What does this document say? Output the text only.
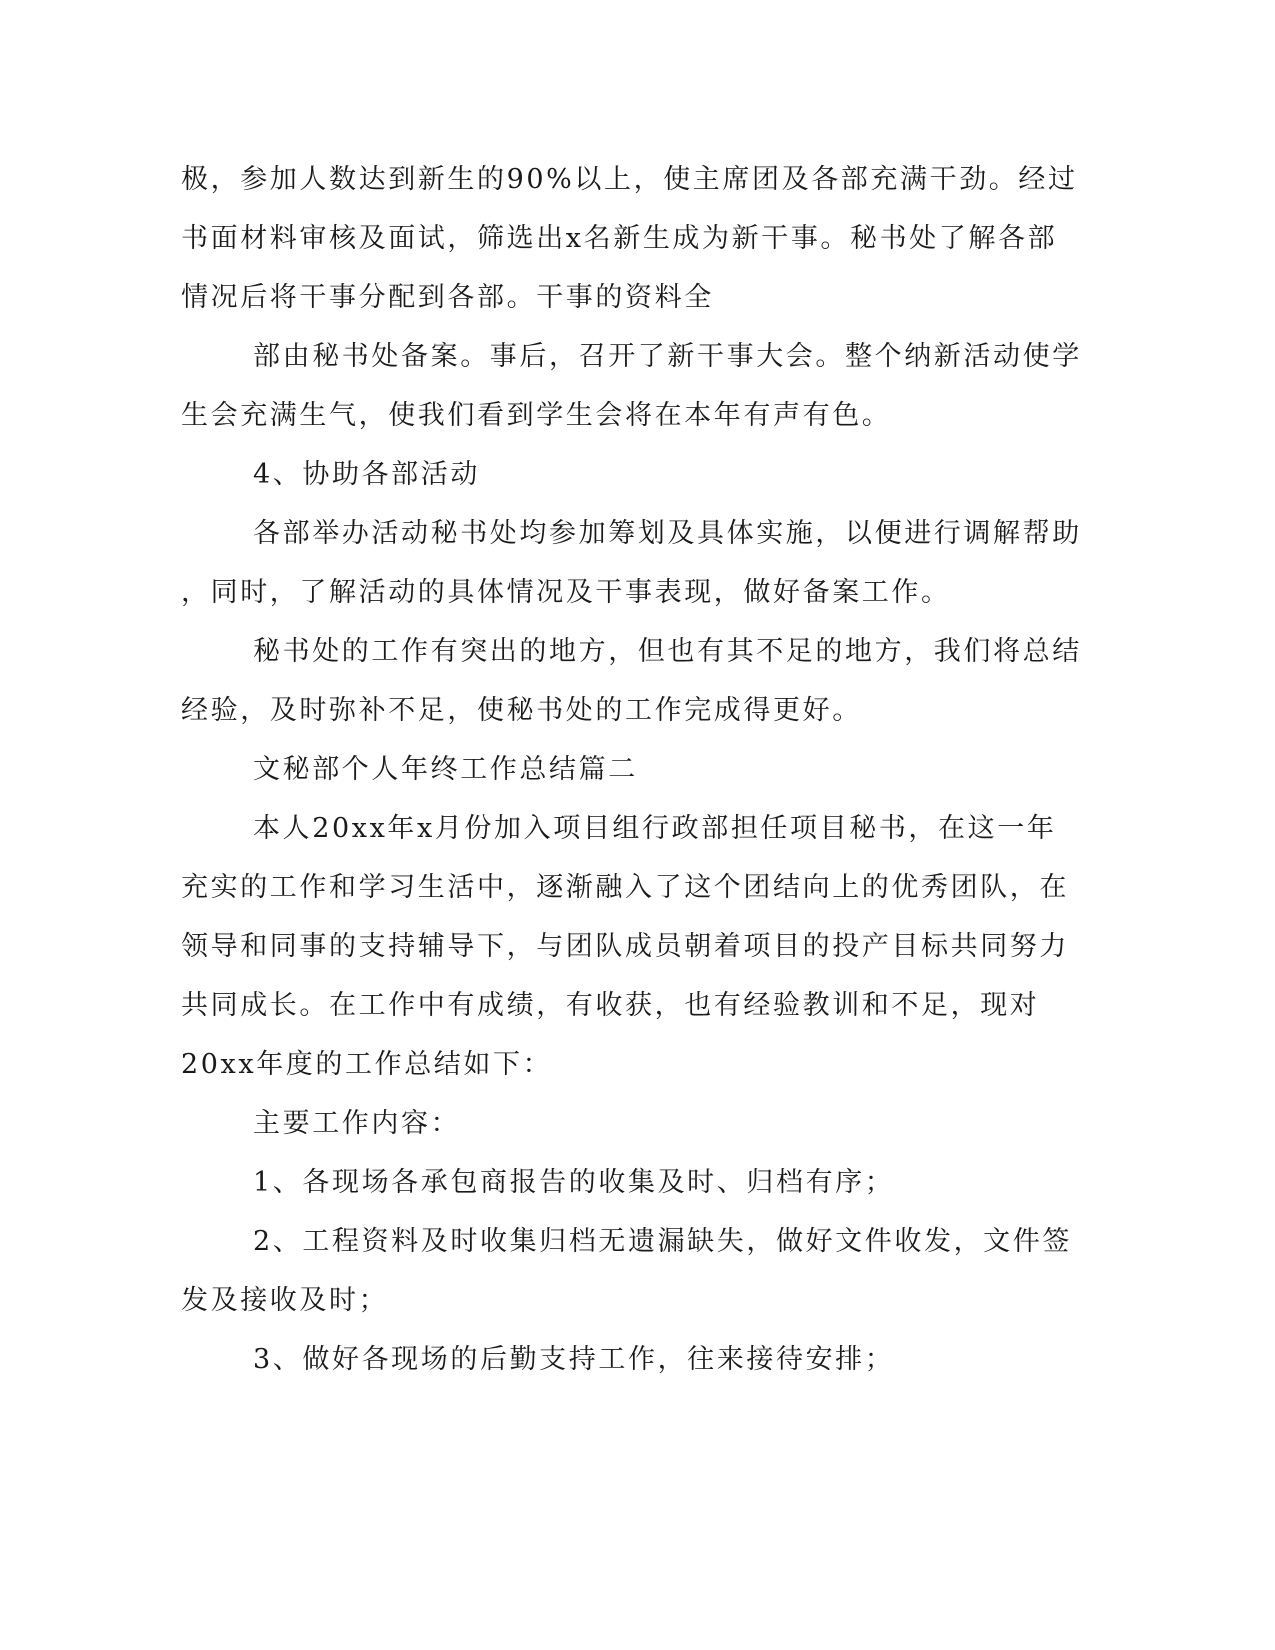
极，参加人数达到新生的90%以上，使主席团及各部充满干劲。经过
书面材料审核及面试，筛选出x名新生成为新干事。秘书处了解各部
情况后将干事分配到各部。干事的资料全
部由秘书处备案。事后，召开了新干事大会。整个纳新活动使学
生会充满生气，使我们看到学生会将在本年有声有色。
4、协助各部活动
各部举办活动秘书处均参加筹划及具体实施，以便进行调解帮助
，同时，了解活动的具体情况及干事表现，做好备案工作。
秘书处的工作有突出的地方，但也有其不足的地方，我们将总结
经验，及时弥补不足，使秘书处的工作完成得更好。
文秘部个人年终工作总结篇二
本人20xx年x月份加入项目组行政部担任项目秘书，在这一年
充实的工作和学习生活中，逐渐融入了这个团结向上的优秀团队，在
领导和同事的支持辅导下，与团队成员朝着项目的投产目标共同努力
共同成长。在工作中有成绩，有收获，也有经验教训和不足，现对
20xx年度的工作总结如下：
主要工作内容：
1、各现场各承包商报告的收集及时、归档有序；
2、工程资料及时收集归档无遗漏缺失，做好文件收发，文件签
发及接收及时；
3、做好各现场的后勤支持工作，往来接待安排；
